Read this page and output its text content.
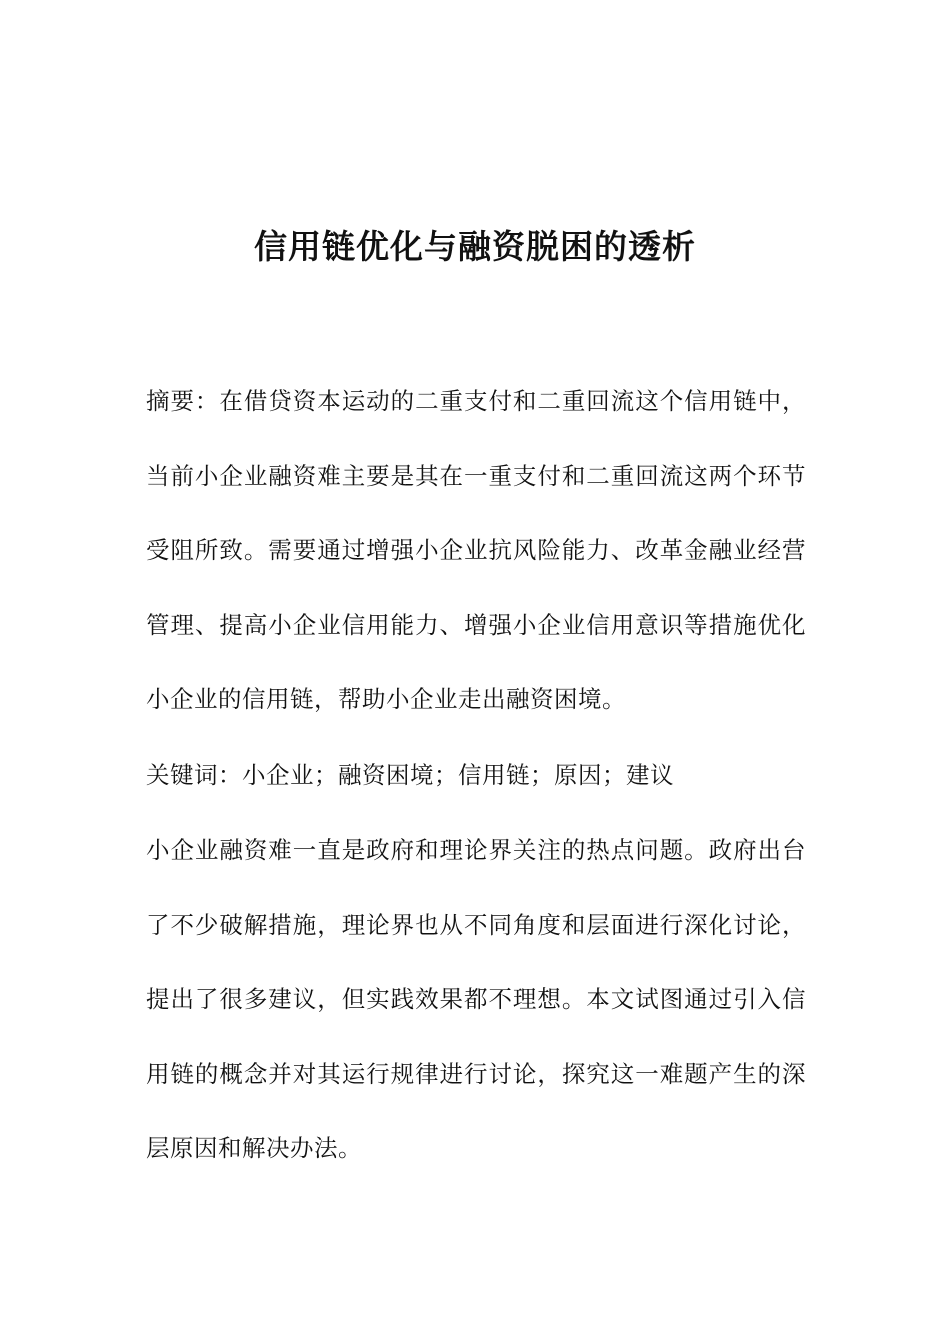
信用链优化与融资脱困的透析

摘要：在借贷资本运动的二重支付和二重回流这个信用链中，当前小企业融资难主要是其在一重支付和二重回流这两个环节受阻所致。需要通过增强小企业抗风险能力、改革金融业经营管理、提高小企业信用能力、增强小企业信用意识等措施优化小企业的信用链，帮助小企业走出融资困境。

关键词：小企业；融资困境；信用链；原因；建议

小企业融资难一直是政府和理论界关注的热点问题。政府出台了不少破解措施，理论界也从不同角度和层面进行深化讨论，提出了很多建议，但实践效果都不理想。本文试图通过引入信用链的概念并对其运行规律进行讨论，探究这一难题产生的深层原因和解决办法。
